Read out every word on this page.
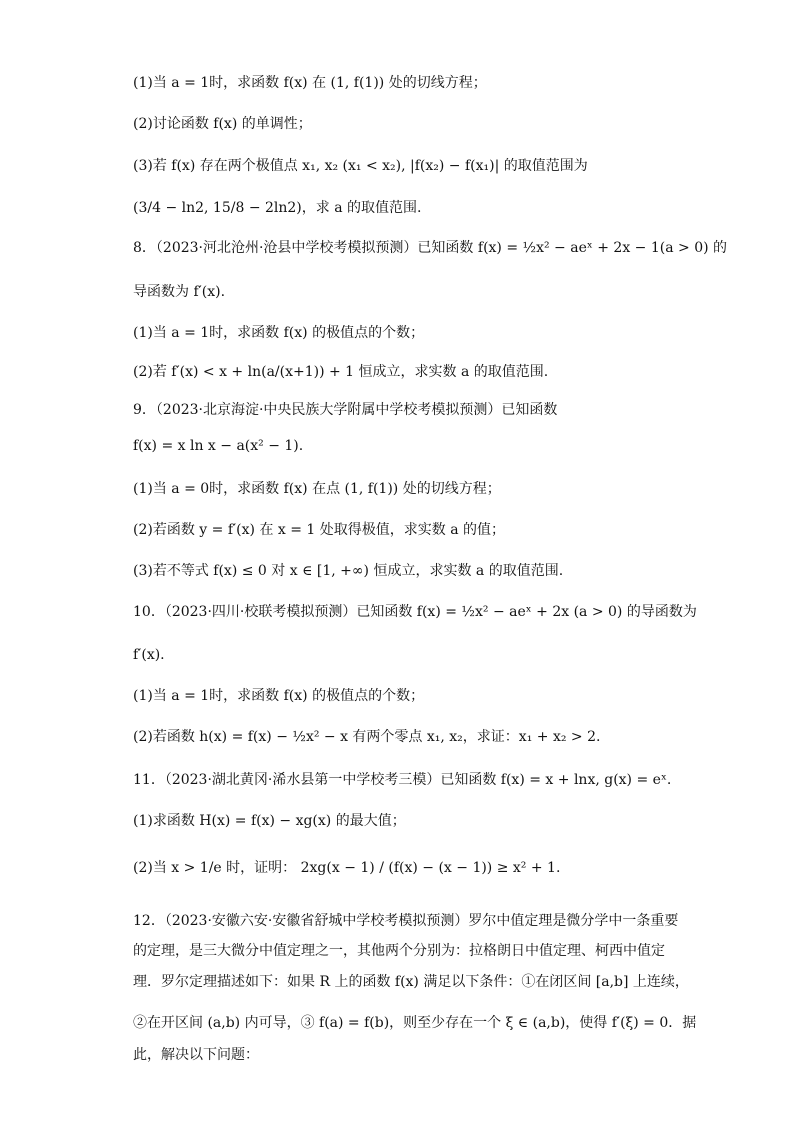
(1)当 a = 1时，求函数 f(x) 在 (1, f(1)) 处的切线方程；
(2)讨论函数 f(x) 的单调性；
(3)若 f(x) 存在两个极值点 x₁, x₂ (x₁ < x₂), |f(x₂) − f(x₁)| 的取值范围为
(3/4 − ln2, 15/8 − 2ln2)，求 a 的取值范围.
8．（2023·河北沧州·沧县中学校考模拟预测）已知函数 f(x) = ½x² − aeˣ + 2x − 1(a > 0) 的
导函数为 f′(x).
(1)当 a = 1时，求函数 f(x) 的极值点的个数；
(2)若 f′(x) < x + ln(a/(x+1)) + 1 恒成立，求实数 a 的取值范围.
9．（2023·北京海淀·中央民族大学附属中学校考模拟预测）已知函数
f(x) = x ln x − a(x² − 1).
(1)当 a = 0时，求函数 f(x) 在点 (1, f(1)) 处的切线方程；
(2)若函数 y = f′(x) 在 x = 1 处取得极值，求实数 a 的值；
(3)若不等式 f(x) ≤ 0 对 x ∈ [1, +∞) 恒成立，求实数 a 的取值范围.
10．（2023·四川·校联考模拟预测）已知函数 f(x) = ½x² − aeˣ + 2x (a > 0) 的导函数为
f′(x).
(1)当 a = 1时，求函数 f(x) 的极值点的个数；
(2)若函数 h(x) = f(x) − ½x² − x 有两个零点 x₁, x₂，求证：x₁ + x₂ > 2.
11．（2023·湖北黄冈·浠水县第一中学校考三模）已知函数 f(x) = x + lnx, g(x) = eˣ.
(1)求函数 H(x) = f(x) − xg(x) 的最大值；
(2)当 x > 1/e 时，证明： 2xg(x − 1) / (f(x) − (x − 1)) ≥ x² + 1.
12．（2023·安徽六安·安徽省舒城中学校考模拟预测）罗尔中值定理是微分学中一条重要
的定理，是三大微分中值定理之一，其他两个分别为：拉格朗日中值定理、柯西中值定
理．罗尔定理描述如下：如果 R 上的函数 f(x) 满足以下条件：①在闭区间 [a,b] 上连续，
②在开区间 (a,b) 内可导，③ f(a) = f(b)，则至少存在一个 ξ ∈ (a,b)，使得 f′(ξ) = 0．据
此，解决以下问题：
